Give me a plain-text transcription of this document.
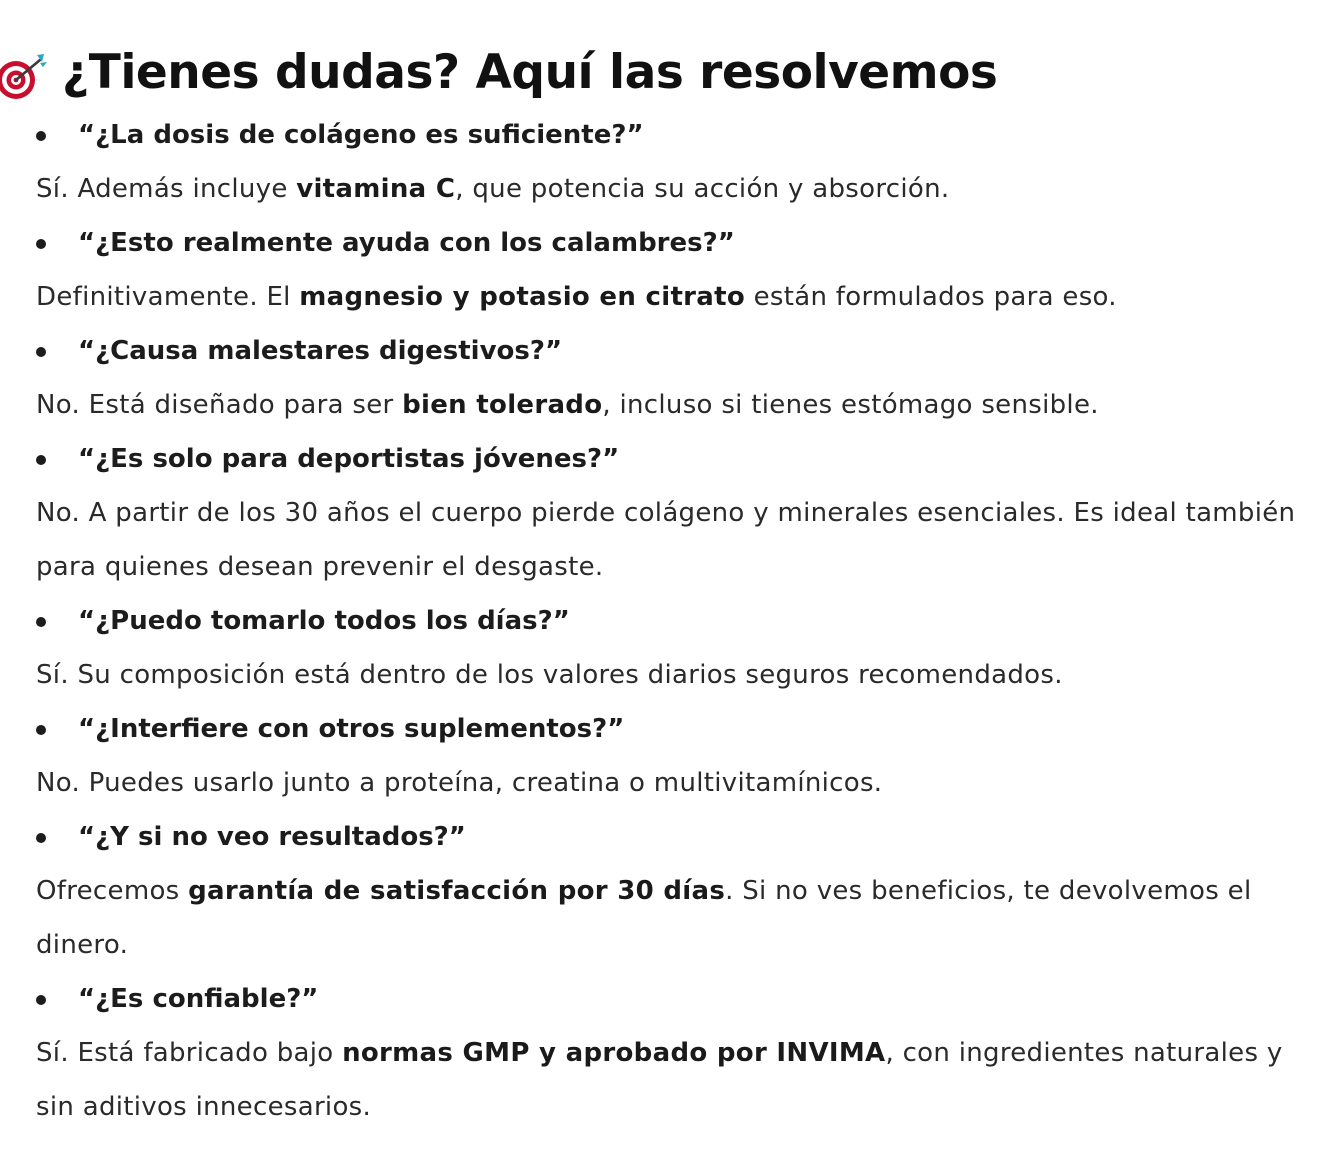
¿Tienes dudas? Aquí las resolvemos
“¿La dosis de colágeno es suficiente?”
Sí. Además incluye vitamina C, que potencia su acción y absorción.
“¿Esto realmente ayuda con los calambres?”
Definitivamente. El magnesio y potasio en citrato están formulados para eso.
“¿Causa malestares digestivos?”
No. Está diseñado para ser bien tolerado, incluso si tienes estómago sensible.
“¿Es solo para deportistas jóvenes?”
No. A partir de los 30 años el cuerpo pierde colágeno y minerales esenciales. Es ideal también para quienes desean prevenir el desgaste.
“¿Puedo tomarlo todos los días?”
Sí. Su composición está dentro de los valores diarios seguros recomendados.
“¿Interfiere con otros suplementos?”
No. Puedes usarlo junto a proteína, creatina o multivitamínicos.
“¿Y si no veo resultados?”
Ofrecemos garantía de satisfacción por 30 días. Si no ves beneficios, te devolvemos el dinero.
“¿Es confiable?”
Sí. Está fabricado bajo normas GMP y aprobado por INVIMA, con ingredientes naturales y sin aditivos innecesarios.
